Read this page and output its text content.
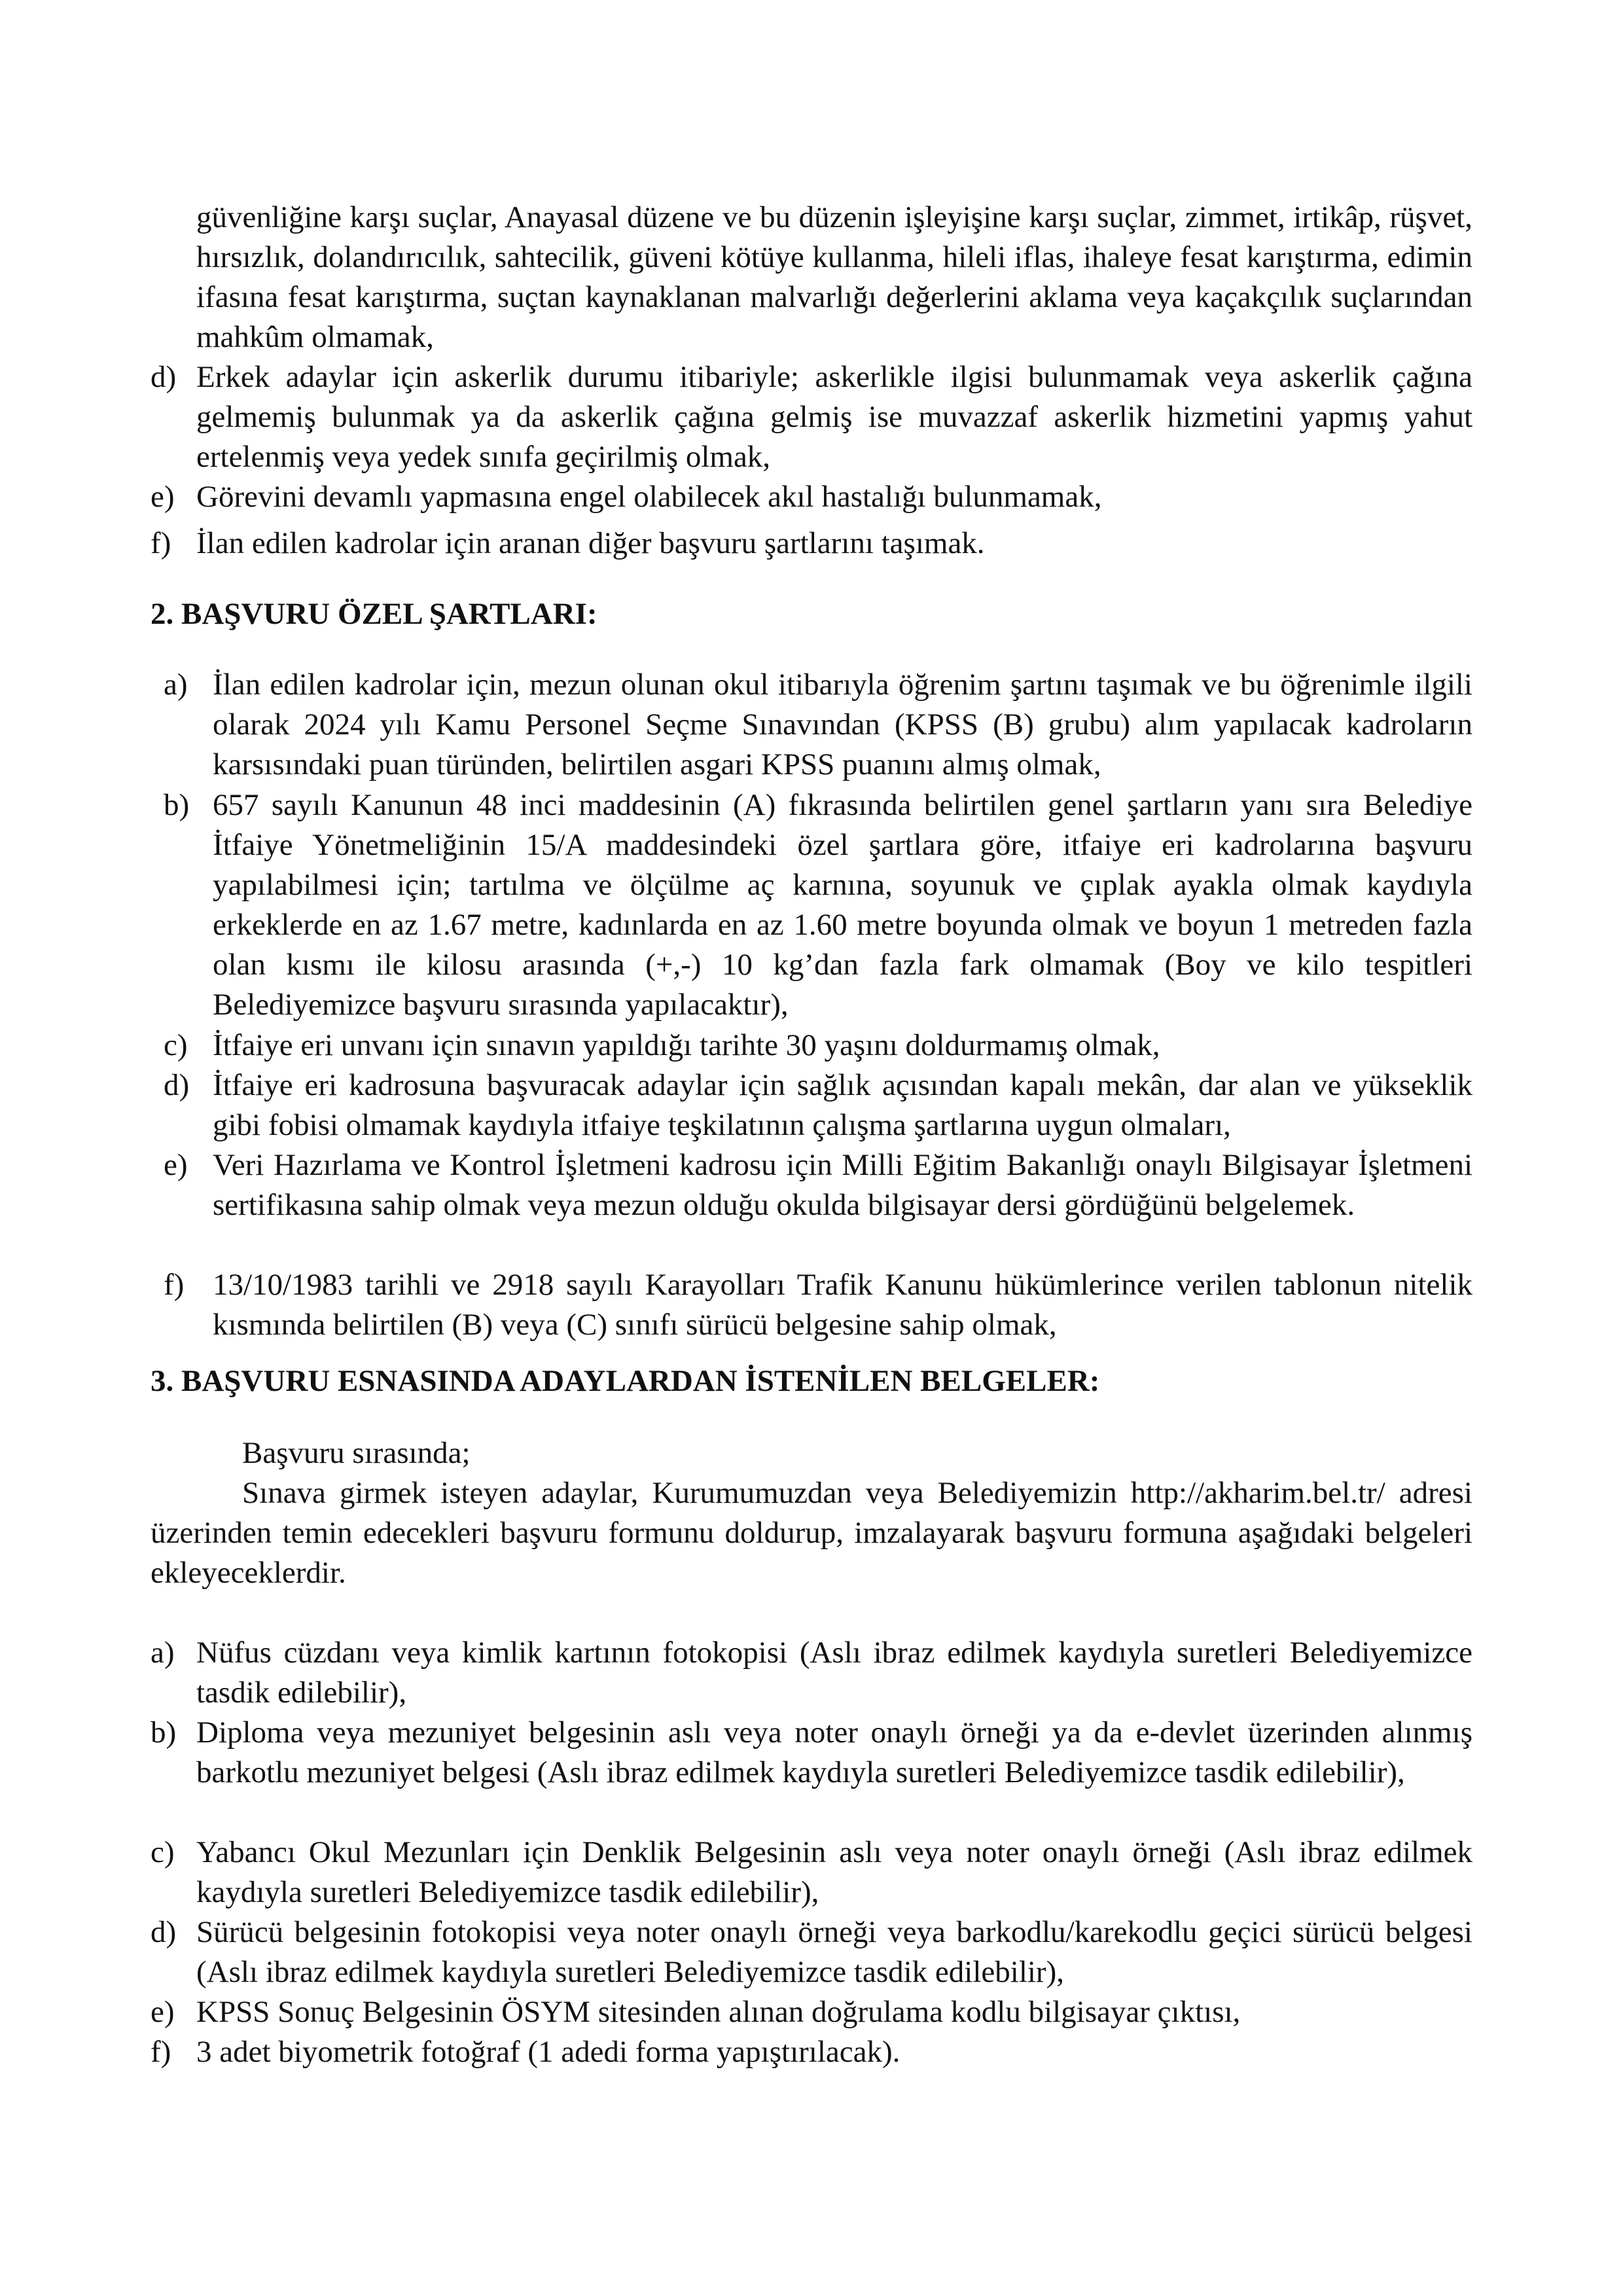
güvenliğine karşı suçlar, Anayasal düzene ve bu düzenin işleyişine karşı suçlar, zimmet, irtikâp, rüşvet, hırsızlık, dolandırıcılık, sahtecilik, güveni kötüye kullanma, hileli iflas, ihaleye fesat karıştırma, edimin ifasına fesat karıştırma, suçtan kaynaklanan malvarlığı değerlerini aklama veya kaçakçılık suçlarından mahkûm olmamak,
d) Erkek adaylar için askerlik durumu itibariyle; askerlikle ilgisi bulunmamak veya askerlik çağına gelmemiş bulunmak ya da askerlik çağına gelmiş ise muvazzaf askerlik hizmetini yapmış yahut ertelenmiş veya yedek sınıfa geçirilmiş olmak,
e) Görevini devamlı yapmasına engel olabilecek akıl hastalığı bulunmamak,
f) İlan edilen kadrolar için aranan diğer başvuru şartlarını taşımak.
2. BAŞVURU ÖZEL ŞARTLARI:
a) İlan edilen kadrolar için, mezun olunan okul itibarıyla öğrenim şartını taşımak ve bu öğrenimle ilgili olarak 2024 yılı Kamu Personel Seçme Sınavından (KPSS (B) grubu) alım yapılacak kadroların karsısındaki puan türünden, belirtilen asgari KPSS puanını almış olmak,
b) 657 sayılı Kanunun 48 inci maddesinin (A) fıkrasında belirtilen genel şartların yanı sıra Belediye İtfaiye Yönetmeliğinin 15/A maddesindeki özel şartlara göre, itfaiye eri kadrolarına başvuru yapılabilmesi için; tartılma ve ölçülme aç karnına, soyunuk ve çıplak ayakla olmak kaydıyla erkeklerde en az 1.67 metre, kadınlarda en az 1.60 metre boyunda olmak ve boyun 1 metreden fazla olan kısmı ile kilosu arasında (+,-) 10 kg’dan fazla fark olmamak (Boy ve kilo tespitleri Belediyemizce başvuru sırasında yapılacaktır),
c) İtfaiye eri unvanı için sınavın yapıldığı tarihte 30 yaşını doldurmamış olmak,
d) İtfaiye eri kadrosuna başvuracak adaylar için sağlık açısından kapalı mekân, dar alan ve yükseklik gibi fobisi olmamak kaydıyla itfaiye teşkilatının çalışma şartlarına uygun olmaları,
e) Veri Hazırlama ve Kontrol İşletmeni kadrosu için Milli Eğitim Bakanlığı onaylı Bilgisayar İşletmeni sertifikasına sahip olmak veya mezun olduğu okulda bilgisayar dersi gördüğünü belgelemek.
f) 13/10/1983 tarihli ve 2918 sayılı Karayolları Trafik Kanunu hükümlerince verilen tablonun nitelik kısmında belirtilen (B) veya (C) sınıfı sürücü belgesine sahip olmak,
3. BAŞVURU ESNASINDA ADAYLARDAN İSTENİLEN BELGELER:
Başvuru sırasında;
Sınava girmek isteyen adaylar, Kurumumuzdan veya Belediyemizin http://akharim.bel.tr/ adresi üzerinden temin edecekleri başvuru formunu doldurup, imzalayarak başvuru formuna aşağıdaki belgeleri ekleyeceklerdir.
a) Nüfus cüzdanı veya kimlik kartının fotokopisi (Aslı ibraz edilmek kaydıyla suretleri Belediyemizce tasdik edilebilir),
b) Diploma veya mezuniyet belgesinin aslı veya noter onaylı örneği ya da e-devlet üzerinden alınmış barkotlu mezuniyet belgesi (Aslı ibraz edilmek kaydıyla suretleri Belediyemizce tasdik edilebilir),
c) Yabancı Okul Mezunları için Denklik Belgesinin aslı veya noter onaylı örneği (Aslı ibraz edilmek kaydıyla suretleri Belediyemizce tasdik edilebilir),
d) Sürücü belgesinin fotokopisi veya noter onaylı örneği veya barkodlu/karekodlu geçici sürücü belgesi (Aslı ibraz edilmek kaydıyla suretleri Belediyemizce tasdik edilebilir),
e) KPSS Sonuç Belgesinin ÖSYM sitesinden alınan doğrulama kodlu bilgisayar çıktısı,
f) 3 adet biyometrik fotoğraf (1 adedi forma yapıştırılacak).
